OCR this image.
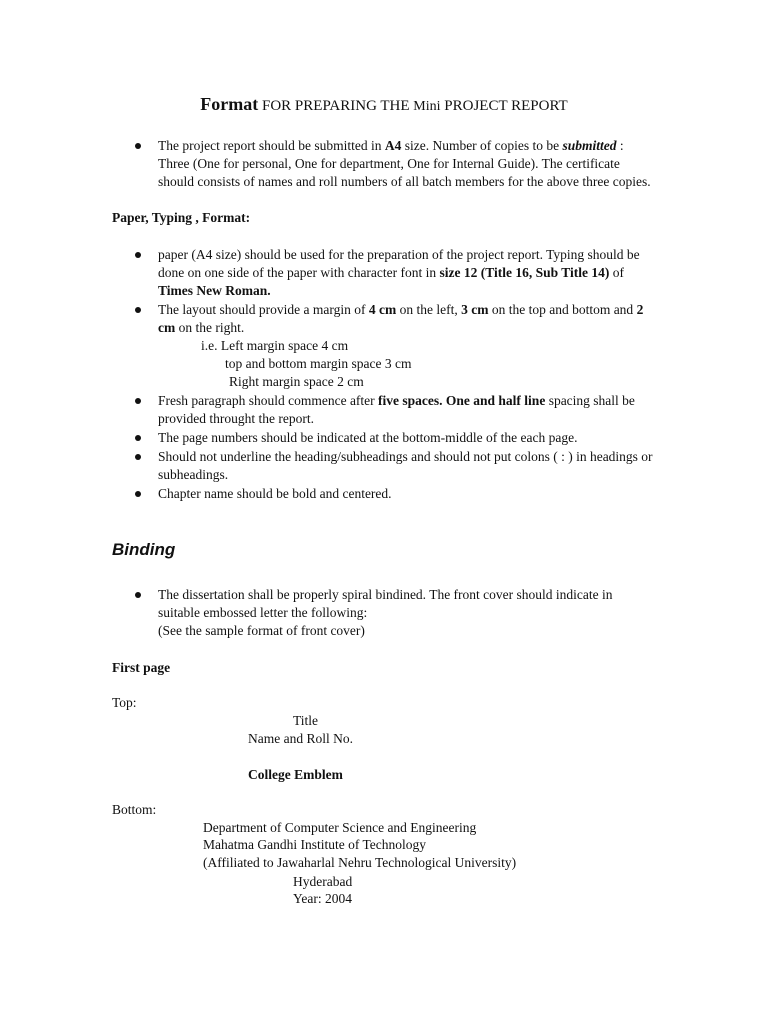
Format FOR PREPARING THE Mini PROJECT REPORT
The project report should be submitted in A4 size. Number of copies to be submitted : Three (One for personal, One for department, One for Internal Guide). The certificate should consists of names and roll numbers of all batch members for the above three copies.
Paper, Typing , Format:
paper (A4 size) should be used for the preparation of the project report. Typing should be done on one side of the paper with character font in size 12 (Title 16, Sub Title 14) of Times New Roman.
The layout should provide a margin of 4 cm on the left, 3 cm on the top and bottom and 2 cm on the right.
i.e. Left margin space 4 cm
top and bottom margin space 3 cm
Right margin space 2 cm
Fresh paragraph should commence after five spaces. One and half line spacing shall be provided throught the report.
The page numbers should be indicated at the bottom-middle of the each page.
Should not underline the heading/subheadings and should not put colons ( : ) in headings or subheadings.
Chapter name should be bold and centered.
Binding
The dissertation shall be properly spiral bindined. The front cover should indicate in suitable embossed letter the following:
(See the sample format of front cover)
First page
Top:
Title
Name and Roll No.
College Emblem
Bottom:
Department of Computer Science and Engineering
Mahatma Gandhi Institute of Technology
(Affiliated to Jawaharlal Nehru Technological University)
Hyderabad
Year: 2004
